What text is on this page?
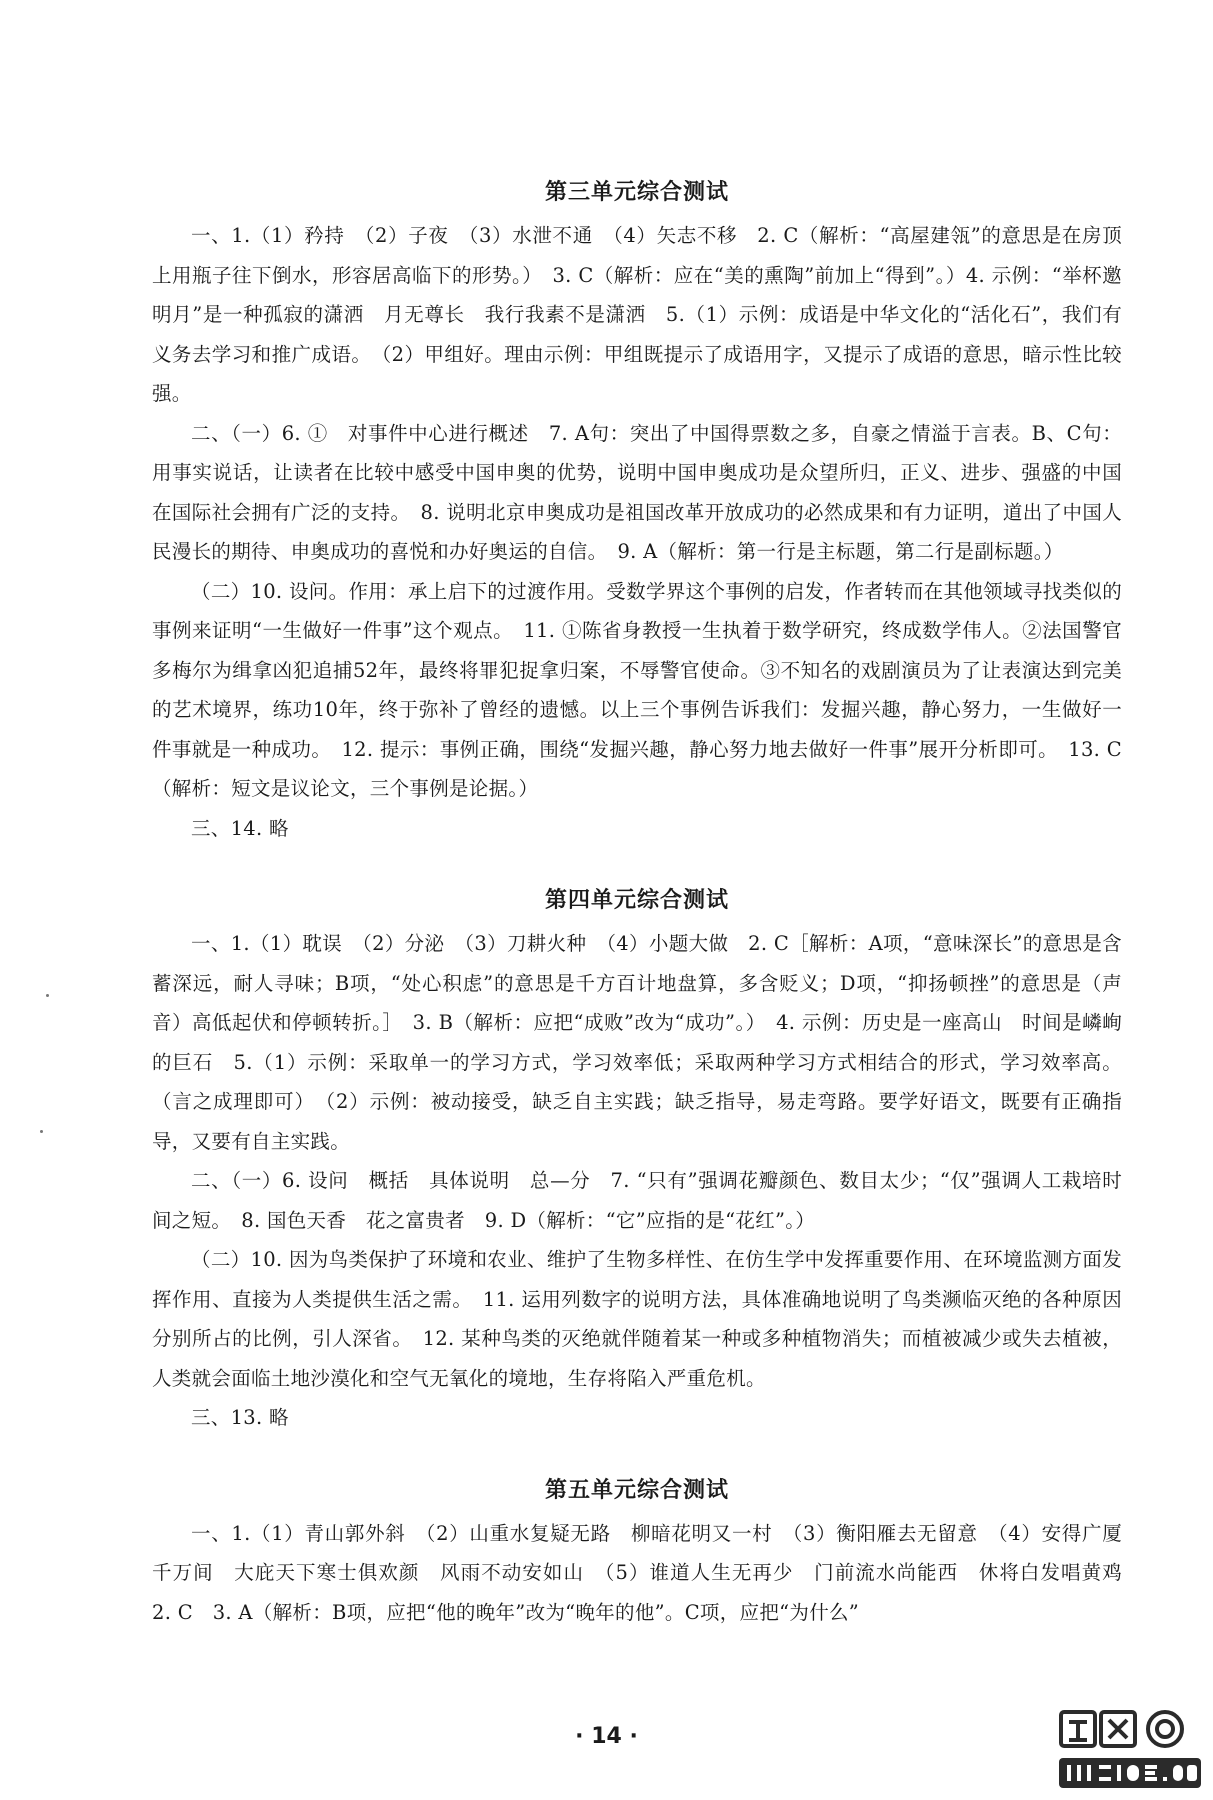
第三单元综合测试

一、1.（1）矜持　（2）子夜　（3）水泄不通　（4）矢志不移　2. C（解析：“高屋建瓴”的意思是在房顶上用瓶子往下倒水，形容居高临下的形势。）　3. C（解析：应在“美的熏陶”前加上“得到”。）4. 示例：“举杯邀明月”是一种孤寂的潇洒　月无尊长　我行我素不是潇洒　5.（1）示例：成语是中华文化的“活化石”，我们有义务去学习和推广成语。　（2）甲组好。理由示例：甲组既提示了成语用字，又提示了成语的意思，暗示性比较强。

二、（一）6. ①　对事件中心进行概述　7. A句：突出了中国得票数之多，自豪之情溢于言表。B、C句：用事实说话，让读者在比较中感受中国申奥的优势，说明中国申奥成功是众望所归，正义、进步、强盛的中国在国际社会拥有广泛的支持。　8. 说明北京申奥成功是祖国改革开放成功的必然成果和有力证明，道出了中国人民漫长的期待、申奥成功的喜悦和办好奥运的自信。　9. A（解析：第一行是主标题，第二行是副标题。）

（二）10. 设问。作用：承上启下的过渡作用。受数学界这个事例的启发，作者转而在其他领域寻找类似的事例来证明“一生做好一件事”这个观点。　11. ①陈省身教授一生执着于数学研究，终成数学伟人。②法国警官多梅尔为缉拿凶犯追捕52年，最终将罪犯捉拿归案，不辱警官使命。③不知名的戏剧演员为了让表演达到完美的艺术境界，练功10年，终于弥补了曾经的遗憾。以上三个事例告诉我们：发掘兴趣，静心努力，一生做好一件事就是一种成功。　12. 提示：事例正确，围绕“发掘兴趣，静心努力地去做好一件事”展开分析即可。　13. C（解析：短文是议论文，三个事例是论据。）

三、14. 略

第四单元综合测试

一、1.（1）耽误　（2）分泌　（3）刀耕火种　（4）小题大做　2. C［解析：A项，“意味深长”的意思是含蓄深远，耐人寻味；B项，“处心积虑”的意思是千方百计地盘算，多含贬义；D项，“抑扬顿挫”的意思是（声音）高低起伏和停顿转折。］　3. B（解析：应把“成败”改为“成功”。）　4. 示例：历史是一座高山　时间是嶙峋的巨石　5.（1）示例：采取单一的学习方式，学习效率低；采取两种学习方式相结合的形式，学习效率高。（言之成理即可）　（2）示例：被动接受，缺乏自主实践；缺乏指导，易走弯路。要学好语文，既要有正确指导，又要有自主实践。

二、（一）6. 设问　概括　具体说明　总—分　7. “只有”强调花瓣颜色、数目太少；“仅”强调人工栽培时间之短。　8. 国色天香　花之富贵者　9. D（解析：“它”应指的是“花红”。）

（二）10. 因为鸟类保护了环境和农业、维护了生物多样性、在仿生学中发挥重要作用、在环境监测方面发挥作用、直接为人类提供生活之需。　11. 运用列数字的说明方法，具体准确地说明了鸟类濒临灭绝的各种原因分别所占的比例，引人深省。　12. 某种鸟类的灭绝就伴随着某一种或多种植物消失；而植被减少或失去植被，人类就会面临土地沙漠化和空气无氧化的境地，生存将陷入严重危机。

三、13. 略

第五单元综合测试

一、1.（1）青山郭外斜　（2）山重水复疑无路　柳暗花明又一村　（3）衡阳雁去无留意　（4）安得广厦千万间　大庇天下寒士俱欢颜　风雨不动安如山　（5）谁道人生无再少　门前流水尚能西　休将白发唱黄鸡　2. C　3. A（解析：B项，应把“他的晚年”改为“晚年的他”。C项，应把“为什么”

· 14 ·
